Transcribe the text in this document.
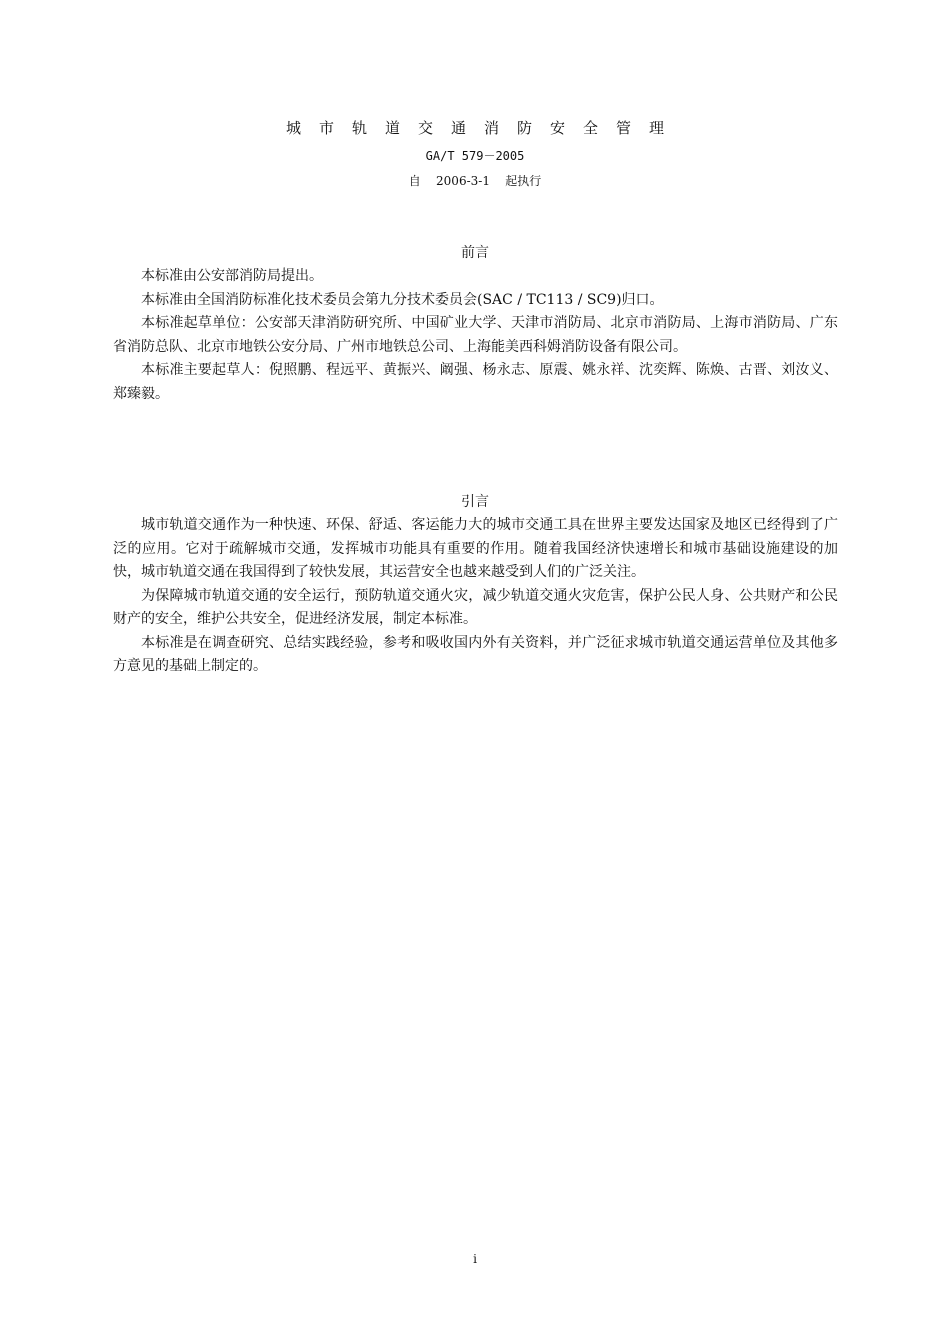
城市轨道交通消防安全管理
GA/T 579－2005
自    2006-3-1    起执行
前言

本标准由公安部消防局提出。

本标准由全国消防标准化技术委员会第九分技术委员会(SAC / TC113 / SC9)归口。

本标准起草单位：公安部天津消防研究所、中国矿业大学、天津市消防局、北京市消防局、上海市消防局、广东省消防总队、北京市地铁公安分局、广州市地铁总公司、上海能美西科姆消防设备有限公司。

本标准主要起草人：倪照鹏、程远平、黄振兴、阚强、杨永志、原震、姚永祥、沈奕辉、陈焕、古晋、刘汝义、郑臻毅。

引言

城市轨道交通作为一种快速、环保、舒适、客运能力大的城市交通工具在世界主要发达国家及地区已经得到了广泛的应用。它对于疏解城市交通，发挥城市功能具有重要的作用。随着我国经济快速增长和城市基础设施建设的加快，城市轨道交通在我国得到了较快发展，其运营安全也越来越受到人们的广泛关注。

为保障城市轨道交通的安全运行，预防轨道交通火灾，减少轨道交通火灾危害，保护公民人身、公共财产和公民财产的安全，维护公共安全，促进经济发展，制定本标准。

本标准是在调查研究、总结实践经验，参考和吸收国内外有关资料，并广泛征求城市轨道交通运营单位及其他多方意见的基础上制定的。

i
